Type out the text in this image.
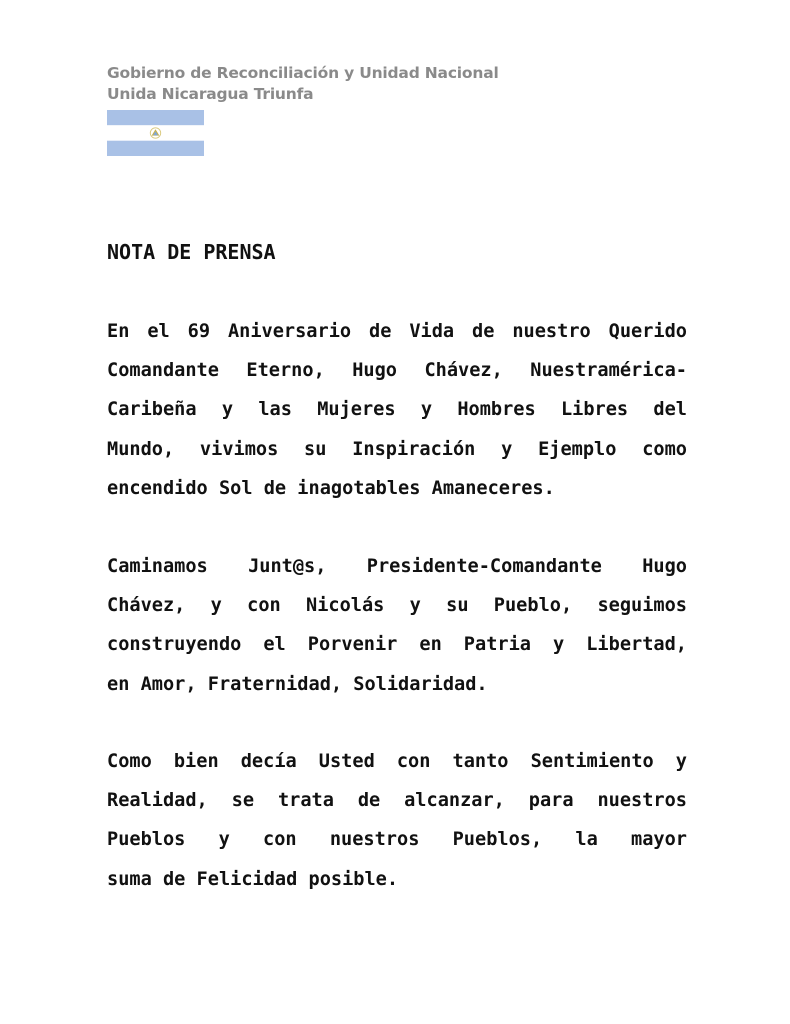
Gobierno de Reconciliación y Unidad Nacional
Unida Nicaragua Triunfa
NOTA DE PRENSA
En el 69 Aniversario de Vida de nuestro Querido
Comandante Eterno, Hugo Chávez, Nuestramérica-
Caribeña y las Mujeres y Hombres Libres del
Mundo, vivimos su Inspiración y Ejemplo como
encendido Sol de inagotables Amaneceres.
Caminamos Junt@s, Presidente-Comandante Hugo
Chávez, y con Nicolás y su Pueblo, seguimos
construyendo el Porvenir en Patria y Libertad,
en Amor, Fraternidad, Solidaridad.
Como bien decía Usted con tanto Sentimiento y
Realidad, se trata de alcanzar, para nuestros
Pueblos y con nuestros Pueblos, la mayor
suma de Felicidad posible.
